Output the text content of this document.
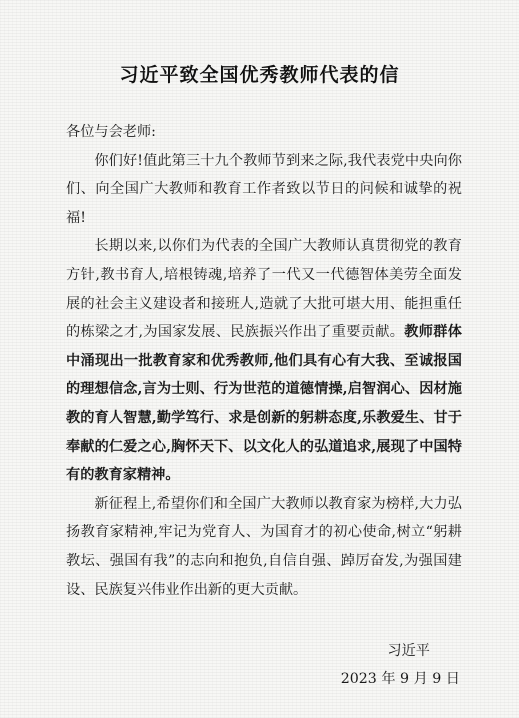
习近平致全国优秀教师代表的信

各位与会老师:

你们好!值此第三十九个教师节到来之际,我代表党中央向你们、向全国广大教师和教育工作者致以节日的问候和诚挚的祝福!

长期以来,以你们为代表的全国广大教师认真贯彻党的教育方针,教书育人,培根铸魂,培养了一代又一代德智体美劳全面发展的社会主义建设者和接班人,造就了大批可堪大用、能担重任的栋梁之才,为国家发展、民族振兴作出了重要贡献。教师群体中涌现出一批教育家和优秀教师,他们具有心有大我、至诚报国的理想信念,言为士则、行为世范的道德情操,启智润心、因材施教的育人智慧,勤学笃行、求是创新的躬耕态度,乐教爱生、甘于奉献的仁爱之心,胸怀天下、以文化人的弘道追求,展现了中国特有的教育家精神。

新征程上,希望你们和全国广大教师以教育家为榜样,大力弘扬教育家精神,牢记为党育人、为国育才的初心使命,树立“躬耕教坛、强国有我”的志向和抱负,自信自强、踔厉奋发,为强国建设、民族复兴伟业作出新的更大贡献。

习近平
2023 年 9 月 9 日
